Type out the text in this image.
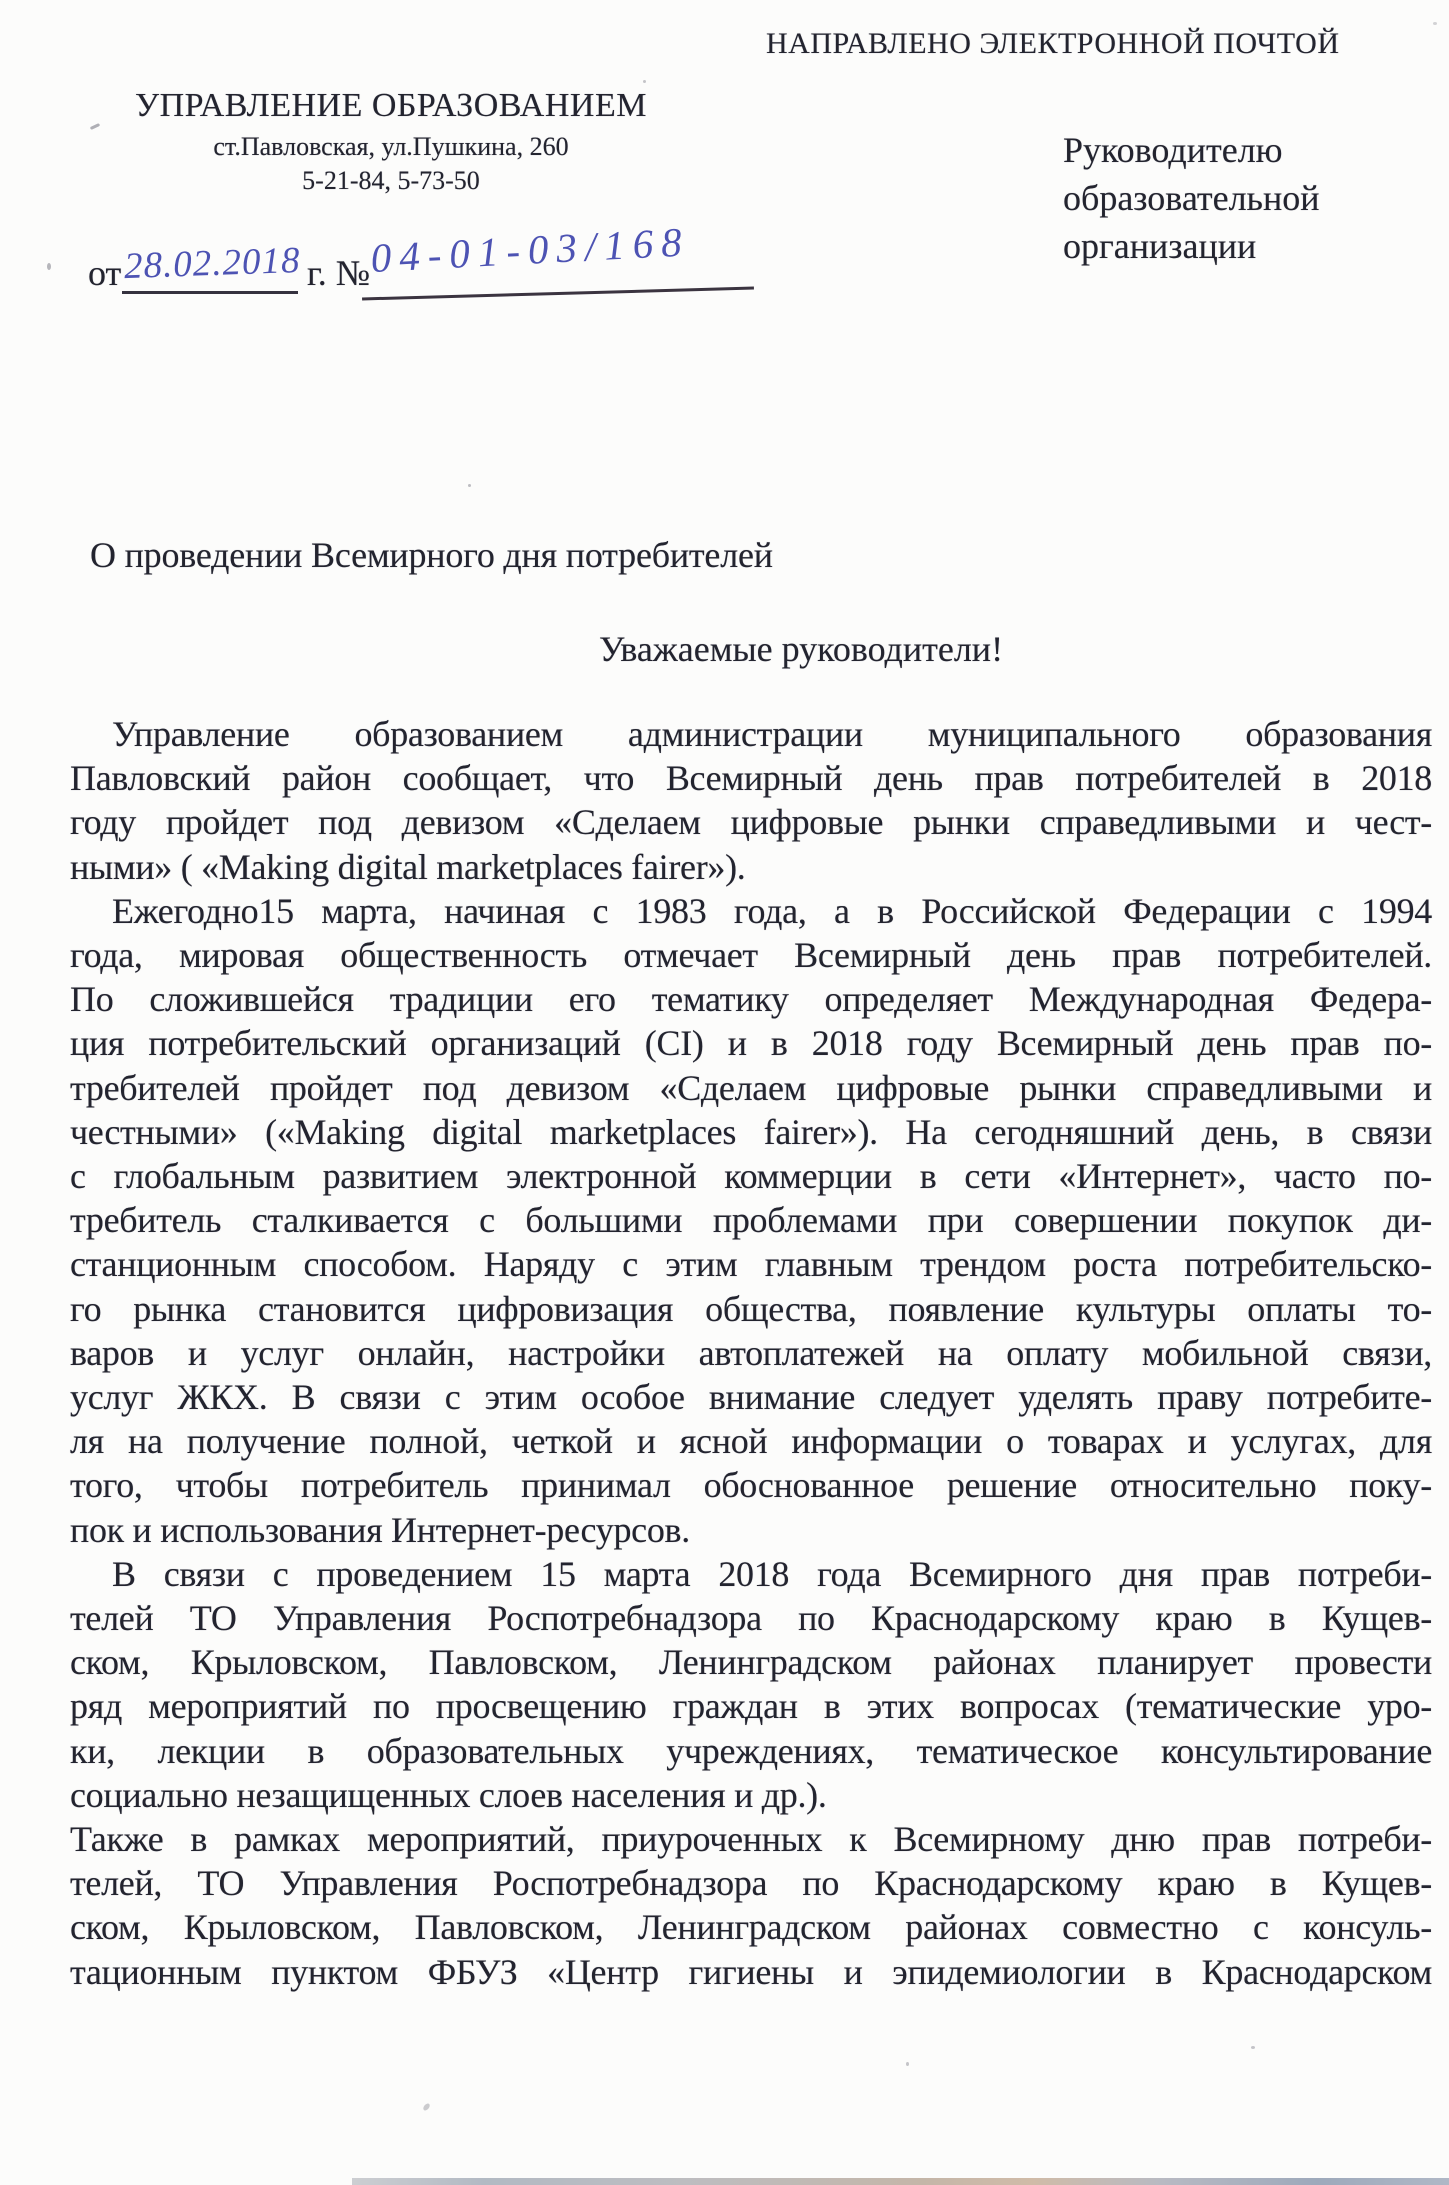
НАПРАВЛЕНО ЭЛЕКТРОННОЙ ПОЧТОЙ
УПРАВЛЕНИЕ ОБРАЗОВАНИЕМ
ст.Павловская, ул.Пушкина, 260
5-21-84, 5-73-50
Руководителю
образовательной
организации
от 28.02.2018 г. № 04-01-03/168
О проведении Всемирного дня потребителей
Уважаемые руководители!
Управление образованием администрации муниципального образования
Павловский район сообщает, что Всемирный день прав потребителей в 2018
году пройдет под девизом «Сделаем цифровые рынки справедливыми и чест-
ными» ( «Making digital marketplaces fairer»).
Ежегодно15 марта, начиная с 1983 года, а в Российской Федерации с 1994
года, мировая общественность отмечает Всемирный день прав потребителей.
По сложившейся традиции его тематику определяет Международная Федера-
ция потребительский организаций (CI) и в 2018 году Всемирный день прав по-
требителей пройдет под девизом «Сделаем цифровые рынки справедливыми и
честными» («Making digital marketplaces fairer»). На сегодняшний день, в связи
с глобальным развитием электронной коммерции в сети «Интернет», часто по-
требитель сталкивается с большими проблемами при совершении покупок ди-
станционным способом. Наряду с этим главным трендом роста потребительско-
го рынка становится цифровизация общества, появление культуры оплаты то-
варов и услуг онлайн, настройки автоплатежей на оплату мобильной связи,
услуг ЖКХ. В связи с этим особое внимание следует уделять праву потребите-
ля на получение полной, четкой и ясной информации о товарах и услугах, для
того, чтобы потребитель принимал обоснованное решение относительно поку-
пок и использования Интернет-ресурсов.
В связи с проведением 15 марта 2018 года Всемирного дня прав потреби-
телей ТО Управления Роспотребнадзора по Краснодарскому краю в Кущев-
ском, Крыловском, Павловском, Ленинградском районах планирует провести
ряд мероприятий по просвещению граждан в этих вопросах (тематические уро-
ки, лекции в образовательных учреждениях, тематическое консультирование
социально незащищенных слоев населения и др.).
Также в рамках мероприятий, приуроченных к Всемирному дню прав потреби-
телей, ТО Управления Роспотребнадзора по Краснодарскому краю в Кущев-
ском, Крыловском, Павловском, Ленинградском районах совместно с консуль-
тационным пунктом ФБУЗ «Центр гигиены и эпидемиологии в Краснодарском
